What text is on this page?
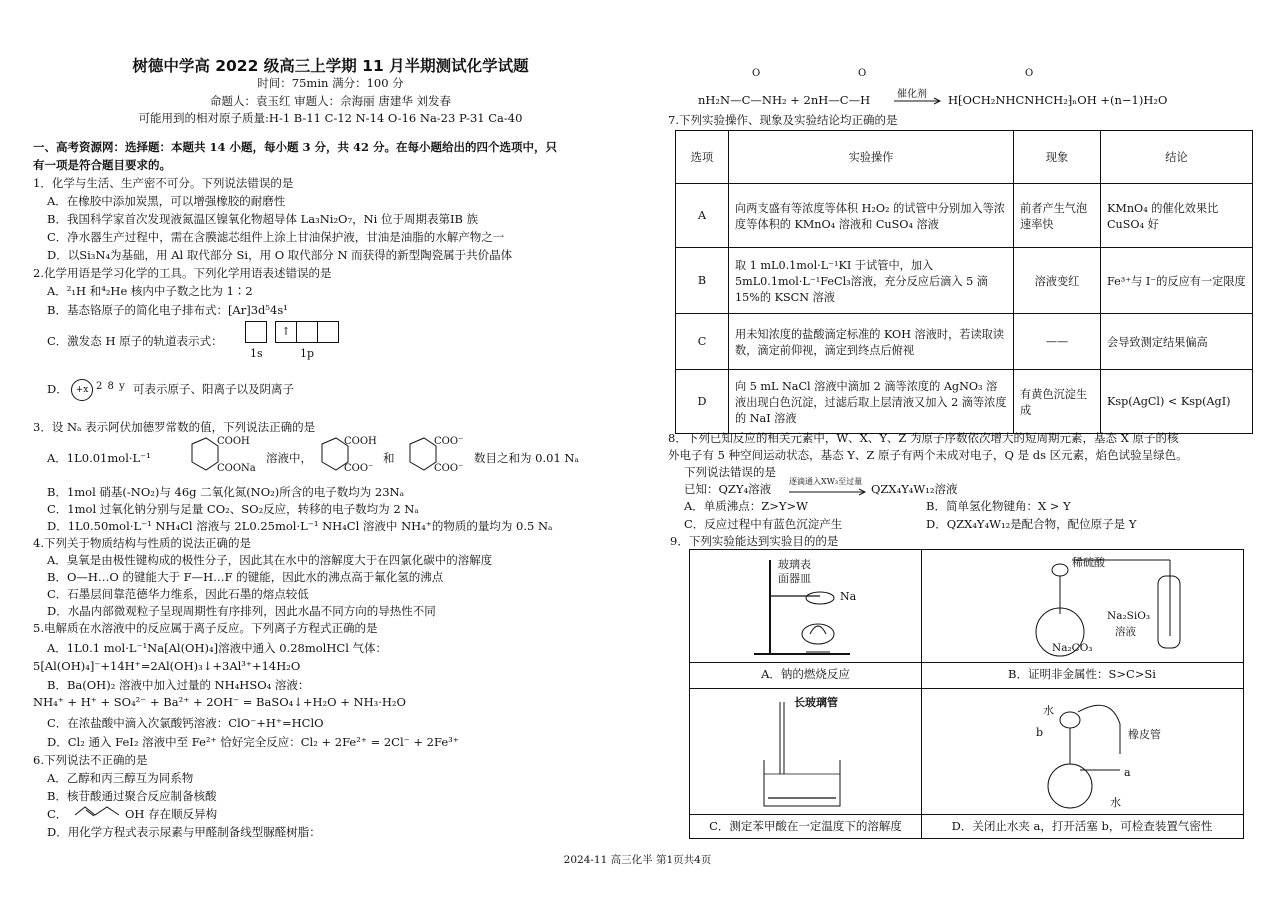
树德中学高 2022 级高三上学期 11 月半期测试化学试题
时间：75min 满分：100 分
命题人：袁玉红 审题人：佘海丽 唐建华 刘发春
可能用到的相对原子质量:H-1 B-11 C-12 N-14 O-16 Na-23 P-31 Ca-40
一、高考资源网：选择题：本题共 14 小题，每小题 3 分，共 42 分。在每小题给出的四个选项中，只
有一项是符合题目要求的。
1．化学与生活、生产密不可分。下列说法错误的是
A．在橡胶中添加炭黑，可以增强橡胶的耐磨性
B．我国科学家首次发现液氮温区镍氧化物超导体 La₃Ni₂O₇，Ni 位于周期表第ⅠB 族
C．净水器生产过程中，需在含膜滤芯组件上涂上甘油保护液，甘油是油脂的水解产物之一
D．以Si₃N₄为基础，用 Al 取代部分 Si，用 O 取代部分 N 而获得的新型陶瓷属于共价晶体
2.化学用语是学习化学的工具。下列化学用语表述错误的是
A．²₁H 和⁴₂He 核内中子数之比为 1∶2
B．基态铬原子的简化电子排布式：[Ar]3d⁵4s¹
C．激发态 H 原子的轨道表示式：
↑
1s	1p
D． +x 2 8 y 可表示原子、阳离子以及阴离子
3．设 Nₐ 表示阿伏加德罗常数的值，下列说法正确的是
A．1L0.01mol·L⁻¹
COOH
COONa
溶液中，
COOH
COO⁻
和
COO⁻
COO⁻
数目之和为 0.01 Nₐ
B．1mol 硝基(-NO₂)与 46g 二氧化氮(NO₂)所含的电子数均为 23Nₐ
C．1mol 过氧化钠分别与足量 CO₂、SO₂反应，转移的电子数均为 2 Nₐ
D．1L0.50mol·L⁻¹ NH₄Cl 溶液与 2L0.25mol·L⁻¹ NH₄Cl 溶液中 NH₄⁺的物质的量均为 0.5 Nₐ
4.下列关于物质结构与性质的说法正确的是
A．臭氧是由极性键构成的极性分子，因此其在水中的溶解度大于在四氯化碳中的溶解度
B．O—H…O 的键能大于 F—H…F 的键能，因此水的沸点高于氟化氢的沸点
C．石墨层间靠范德华力维系，因此石墨的熔点较低
D．水晶内部微观粒子呈现周期性有序排列，因此水晶不同方向的导热性不同
5.电解质在水溶液中的反应属于离子反应。下列离子方程式正确的是
A．1L0.1 mol·L⁻¹Na[Al(OH)₄]溶液中通入 0.28molHCl 气体：
5[Al(OH)₄]⁻+14H⁺=2Al(OH)₃↓+3Al³⁺+14H₂O
B．Ba(OH)₂ 溶液中加入过量的 NH₄HSO₄ 溶液：
NH₄⁺ + H⁺ + SO₄²⁻ + Ba²⁺ + 2OH⁻ = BaSO₄↓+H₂O + NH₃·H₂O
C．在浓盐酸中滴入次氯酸钙溶液：ClO⁻+H⁺=HClO
D．Cl₂ 通入 FeI₂ 溶液中至 Fe²⁺ 恰好完全反应：Cl₂ + 2Fe²⁺ = 2Cl⁻ + 2Fe³⁺
6.下列说法不正确的是
A．乙醇和丙三醇互为同系物
B．核苷酸通过聚合反应制备核酸
C．	OH 存在顺反异构
D．用化学方程式表示尿素与甲醛制备线型脲醛树脂：
O	O
nH₂N—C—NH₂ + 2nH—C—H	催化剂
O
H⁅OCH₂NHCNHCH₂⁆ₙOH +(n−1)H₂O
7.下列实验操作、现象及实验结论均正确的是
选项	实验操作	现象	结论
A	向两支盛有等浓度等体积 H₂O₂ 的试管中分别加入等浓度等体积的 KMnO₄ 溶液和 CuSO₄ 溶液	前者产生气泡速率快	KMnO₄ 的催化效果比 CuSO₄ 好
B	取 1 mL0.1mol·L⁻¹KI 于试管中，加入 5mL0.1mol·L⁻¹FeCl₃溶液，充分反应后滴入 5 滴 15%的 KSCN 溶液	溶液变红	Fe³⁺与 I⁻的反应有一定限度
C	用未知浓度的盐酸滴定标准的 KOH 溶液时，若读取读数，滴定前仰视，滴定到终点后俯视	——	会导致测定结果偏高
D	向 5 mL NaCl 溶液中滴加 2 滴等浓度的 AgNO₃ 溶液出现白色沉淀，过滤后取上层清液又加入 2 滴等浓度的 NaI 溶液	有黄色沉淀生成	Ksp(AgCl) < Ksp(AgI)
8．下列已知反应的相关元素中，W、X、Y、Z 为原子序数依次增大的短周期元素，基态 X 原子的核
外电子有 5 种空间运动状态，基态 Y、Z 原子有两个未成对电子，Q 是 ds 区元素，焰色试验呈绿色。
下列说法错误的是
已知：QZY₄溶液
逐滴通入XW₃至过量
QZX₄Y₄W₁₂溶液
A．单质沸点：Z>Y>W	B．简单氢化物键角：X > Y
C．反应过程中有蓝色沉淀产生	D．QZX₄Y₄W₁₂是配合物，配位原子是 Y
9．下列实验能达到实验目的的是
玻璃表
面器皿
Na
A．钠的燃烧反应
稀硫酸
Na₂SiO₃
溶液
Na₂CO₃
B．证明非金属性：S>C>Si
长玻璃管
C．测定苯甲酸在一定温度下的溶解度
水
b	橡皮管
a
水
D．关闭止水夹 a，打开活塞 b，可检查装置气密性
2024-11 高三化半 第1页共4页
